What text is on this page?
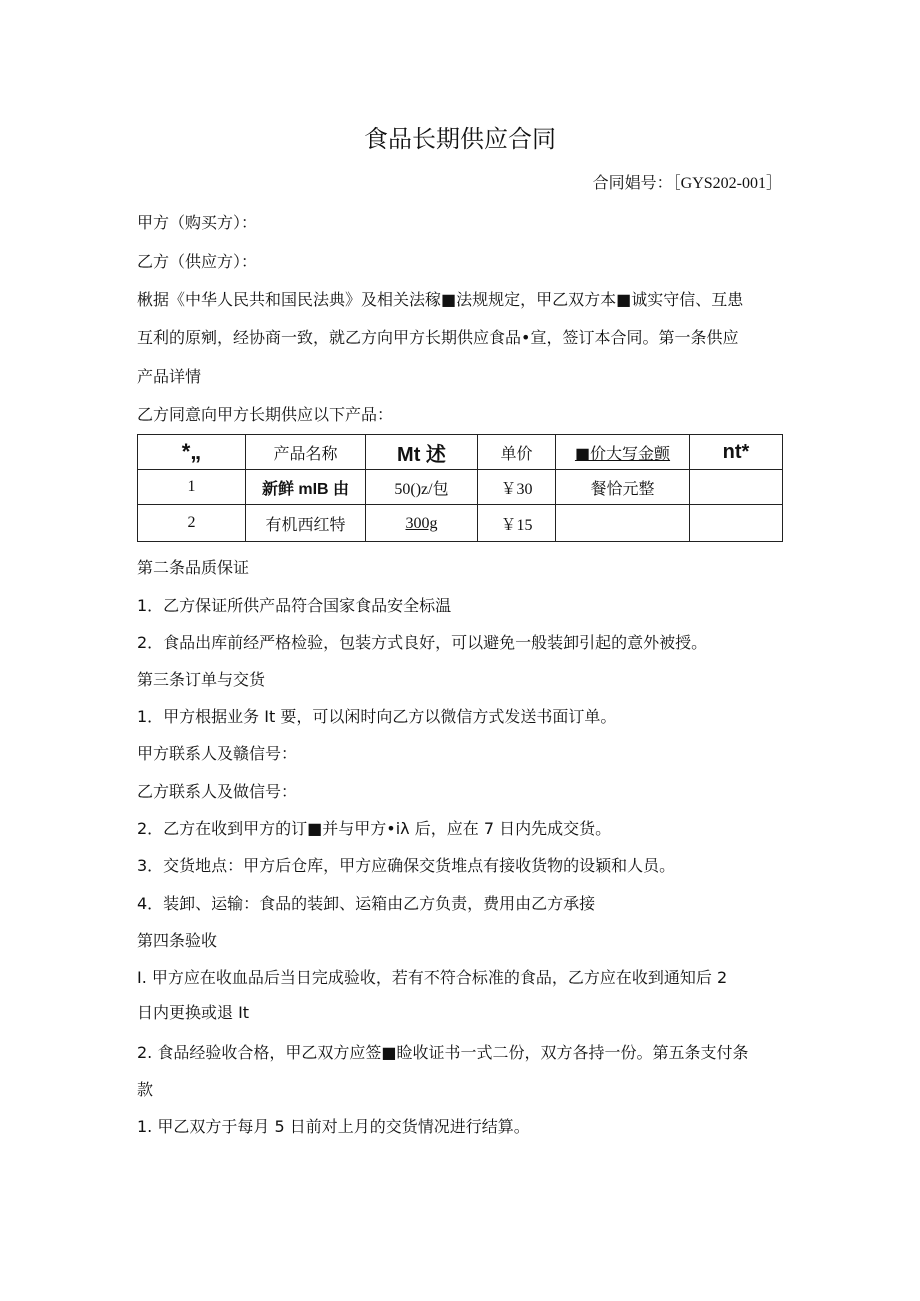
食品长期供应合同
合同娼号：［GYS202-001］
甲方（购买方）：
乙方（供应方）：
楸据《中华人民共和国民法典》及相关法稼■法规规定，甲乙双方本■诚实守信、互患
互利的原剜，经协商一致，就乙方向甲方长期供应食品•宣，签订本合同。第一条供应
产品详情
乙方同意向甲方长期供应以下产品：
*„	产品名称	Mt 述	单价	■价大写金颤	nt*
1	新鲜 mIB 由	50()z/包	￥30	餐恰元整	
2	有机西红特	300g	￥15		
第二条品质保证
1．乙方保证所供产品符合国家食品安全标温
2．食品出库前经严格检验，包装方式良好，可以避免一般装卸引起的意外被授。
第三条订单与交货
1．甲方根据业务 It 要，可以闲时向乙方以微信方式发送书面订单。
甲方联系人及赣信号：
乙方联系人及做信号：
2．乙方在收到甲方的订■并与甲方•iλ 后，应在 7 日内先成交货。
3．交货地点：甲方后仓库，甲方应确保交货堆点有接收货物的设颖和人员。
4．装卸、运输：食品的装卸、运箱由乙方负责，费用由乙方承接
第四条验收
I. 甲方应在收血品后当日完成验收，若有不符合标准的食品，乙方应在收到通知后 2
日内更换或退 It
2. 食品经验收合格，甲乙双方应签■睑收证书一式二份，双方各持一份。第五条支付条
款
1. 甲乙双方于每月 5 日前对上月的交货情况进行结算。
